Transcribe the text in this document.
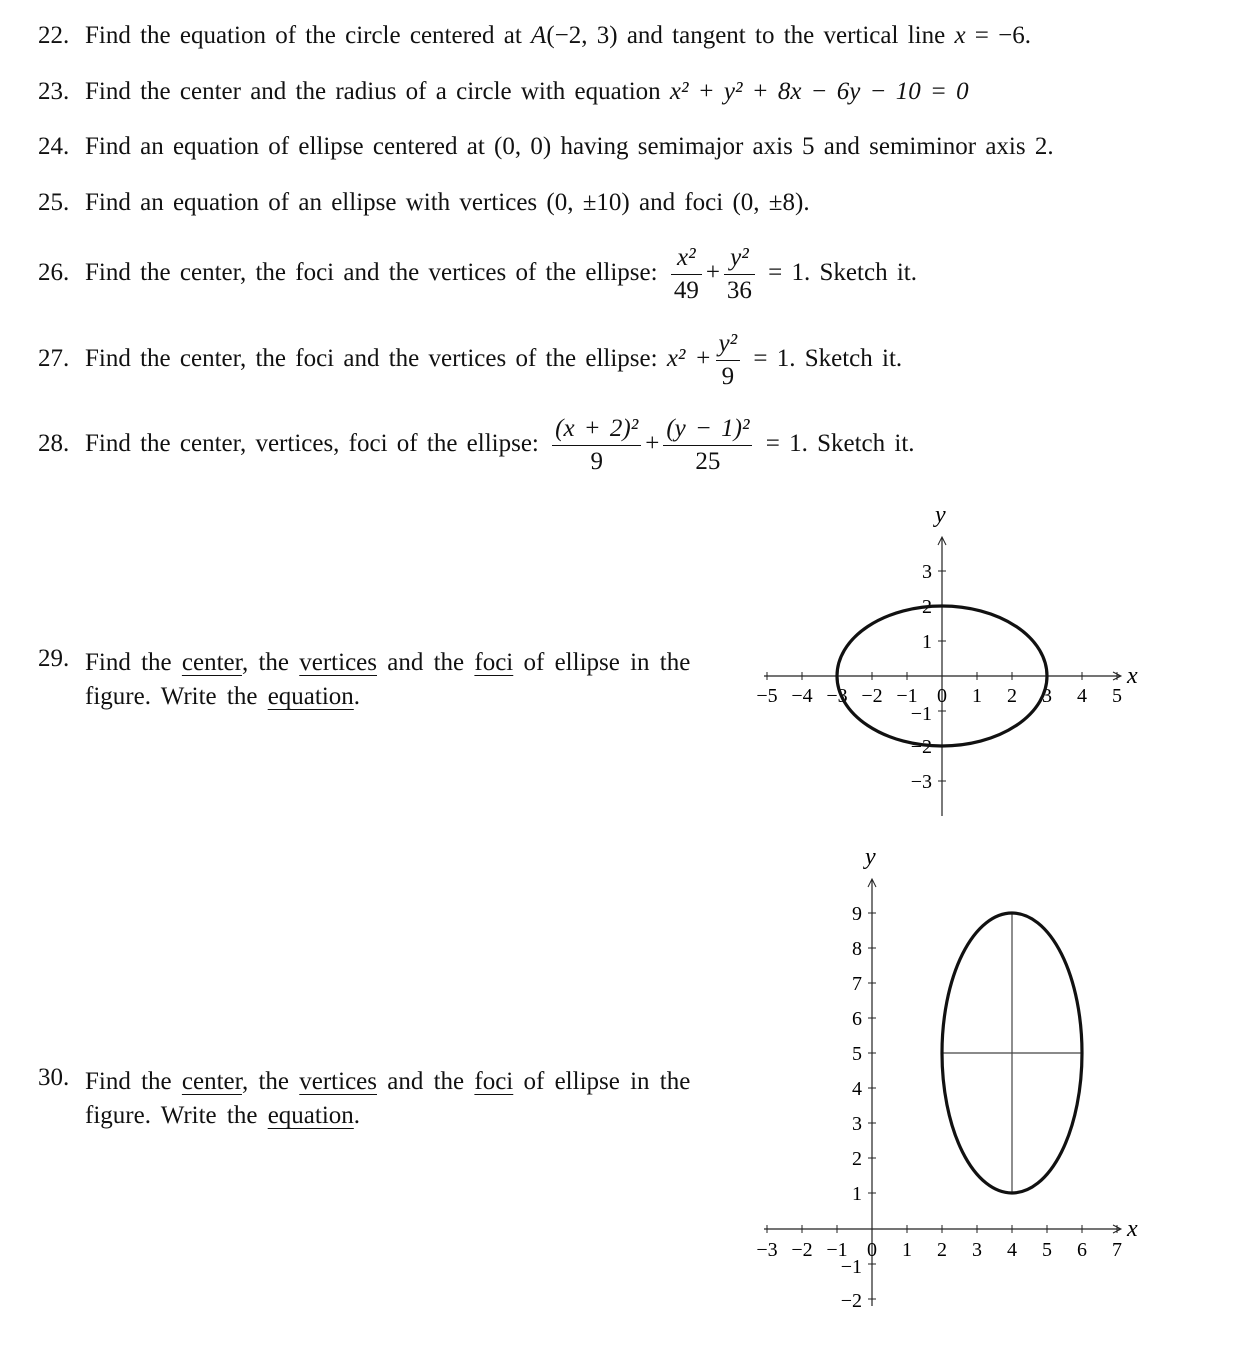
22. Find the equation of the circle centered at A(−2, 3) and tangent to the vertical line x = −6.
23. Find the center and the radius of a circle with equation x² + y² + 8x − 6y − 10 = 0
24. Find an equation of ellipse centered at (0, 0) having semimajor axis 5 and semiminor axis 2.
25. Find an equation of an ellipse with vertices (0, ±10) and foci (0, ±8).
26. Find the center, the foci and the vertices of the ellipse: $\frac{\text{x²}}{49} + \frac{\text{y²}}{36} = 1$. Sketch it.
27. Find the center, the foci and the vertices of the ellipse: $x^2 + \frac{\text{y²}}{9} = 1$. Sketch it.
28. Find the center, vertices, foci of the ellipse: $\frac{\text{(x + 2)²}}{9} + \frac{\text{(y − 1)²}}{25} = 1$. Sketch it.
29. Find the center, the vertices and the foci of ellipse in the figure. Write the equation.
30. Find the center, the vertices and the foci of ellipse in the figure. Write the equation.
x
y
−5 −4 −3 −2 −1 0 1 2 3 4 5
3
2
1
−1
−2
−3
x
y
−3 −2 −1 0 1 2 3 4 5 6 7
9
8
7
6
5
4
3
2
1
−1
−2
